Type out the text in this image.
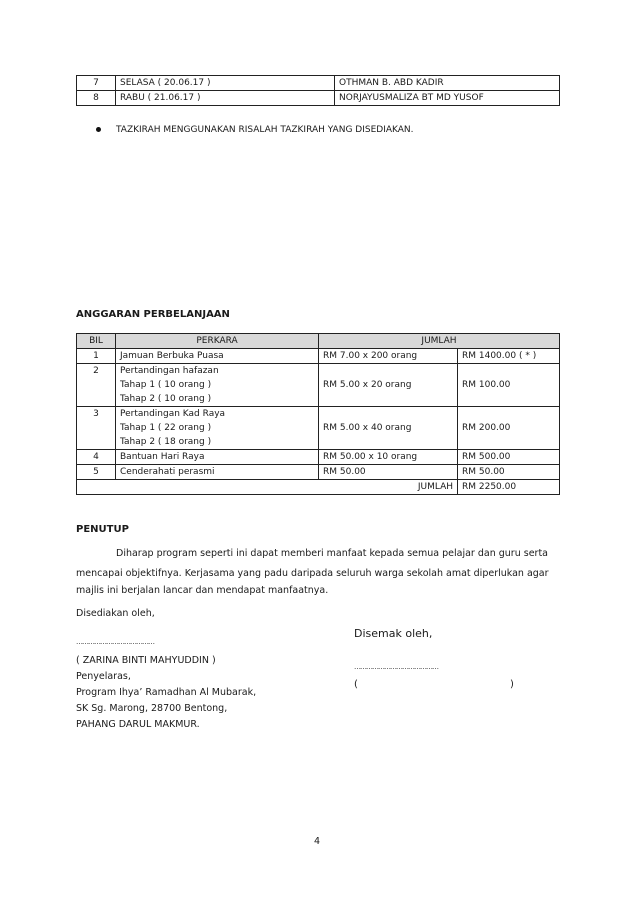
7	SELASA ( 20.06.17 )	OTHMAN B. ABD KADIR
8	RABU ( 21.06.17 )	NORJAYUSMALIZA BT MD YUSOF
TAZKIRAH MENGGUNAKAN RISALAH TAZKIRAH YANG DISEDIAKAN.
ANGGARAN PERBELANJAAN
BIL	PERKARA	JUMLAH	
1	Jamuan Berbuka Puasa	RM 7.00 x 200 orang	RM 1400.00 ( * )
2	Pertandingan hafazan
Tahap 1 ( 10 orang )
Tahap 2 ( 10 orang )	RM 5.00 x 20 orang	RM 100.00
3	Pertandingan Kad Raya
Tahap 1 ( 22 orang )
Tahap 2 ( 18 orang )	RM 5.00 x 40 orang	RM 200.00
4	Bantuan Hari Raya	RM 50.00 x 10 orang	RM 500.00
5	Cenderahati perasmi	RM 50.00	RM 50.00
JUMLAH			RM 2250.00
PENUTUP
Diharap program seperti ini dapat memberi manfaat kepada semua pelajar dan guru serta
mencapai objektifnya. Kerjasama yang padu daripada seluruh warga sekolah amat diperlukan agar
majlis ini berjalan lancar dan mendapat manfaatnya.
Disediakan oleh,
…………………………………
( ZARINA BINTI MAHYUDDIN )
Penyelaras,
Program Ihya’ Ramadhan Al Mubarak,
SK Sg. Marong, 28700 Bentong,
PAHANG DARUL MAKMUR.
Disemak oleh,
……………………………………
(	)
4
